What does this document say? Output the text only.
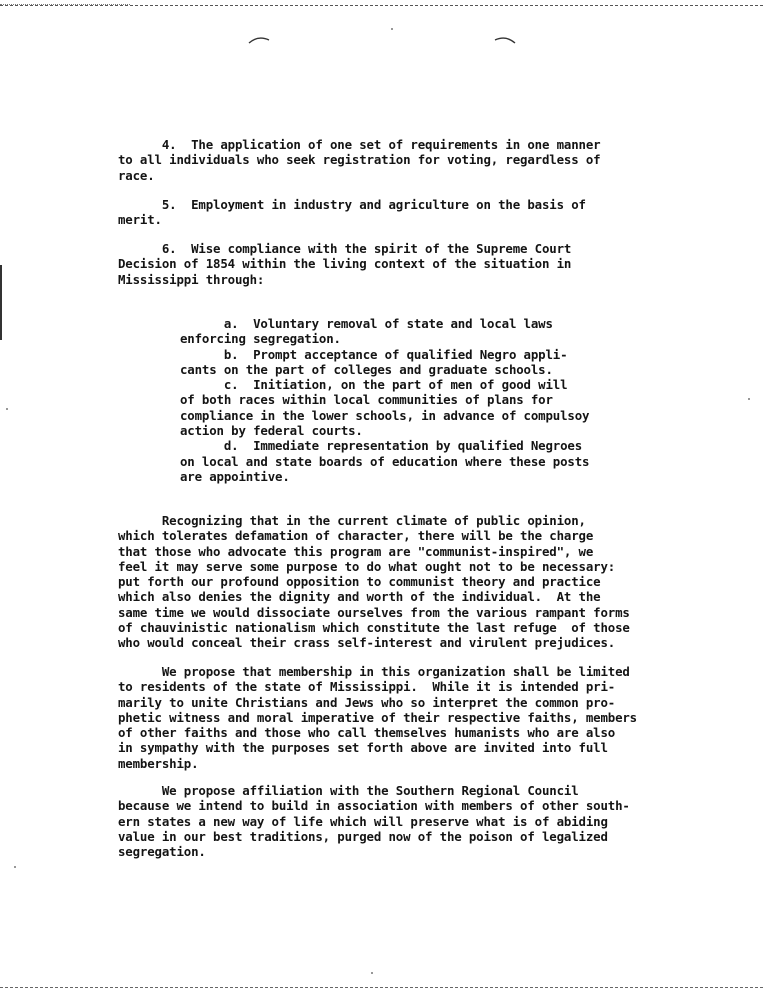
4.  The application of one set of requirements in one manner
to all individuals who seek registration for voting, regardless of
race.
5.  Employment in industry and agriculture on the basis of
merit.
6.  Wise compliance with the spirit of the Supreme Court
Decision of 1854 within the living context of the situation in
Mississippi through:
a.  Voluntary removal of state and local laws
enforcing segregation.
b.  Prompt acceptance of qualified Negro appli-
cants on the part of colleges and graduate schools.
c.  Initiation, on the part of men of good will
of both races within local communities of plans for
compliance in the lower schools, in advance of compulsoy
action by federal courts.
d.  Immediate representation by qualified Negroes
on local and state boards of education where these posts
are appointive.
Recognizing that in the current climate of public opinion,
which tolerates defamation of character, there will be the charge
that those who advocate this program are "communist-inspired", we
feel it may serve some purpose to do what ought not to be necessary:
put forth our profound opposition to communist theory and practice
which also denies the dignity and worth of the individual.  At the
same time we would dissociate ourselves from the various rampant forms
of chauvinistic nationalism which constitute the last refuge  of those
who would conceal their crass self-interest and virulent prejudices.
We propose that membership in this organization shall be limited
to residents of the state of Mississippi.  While it is intended pri-
marily to unite Christians and Jews who so interpret the common pro-
phetic witness and moral imperative of their respective faiths, members
of other faiths and those who call themselves humanists who are also
in sympathy with the purposes set forth above are invited into full
membership.
We propose affiliation with the Southern Regional Council
because we intend to build in association with members of other south-
ern states a new way of life which will preserve what is of abiding
value in our best traditions, purged now of the poison of legalized
segregation.
